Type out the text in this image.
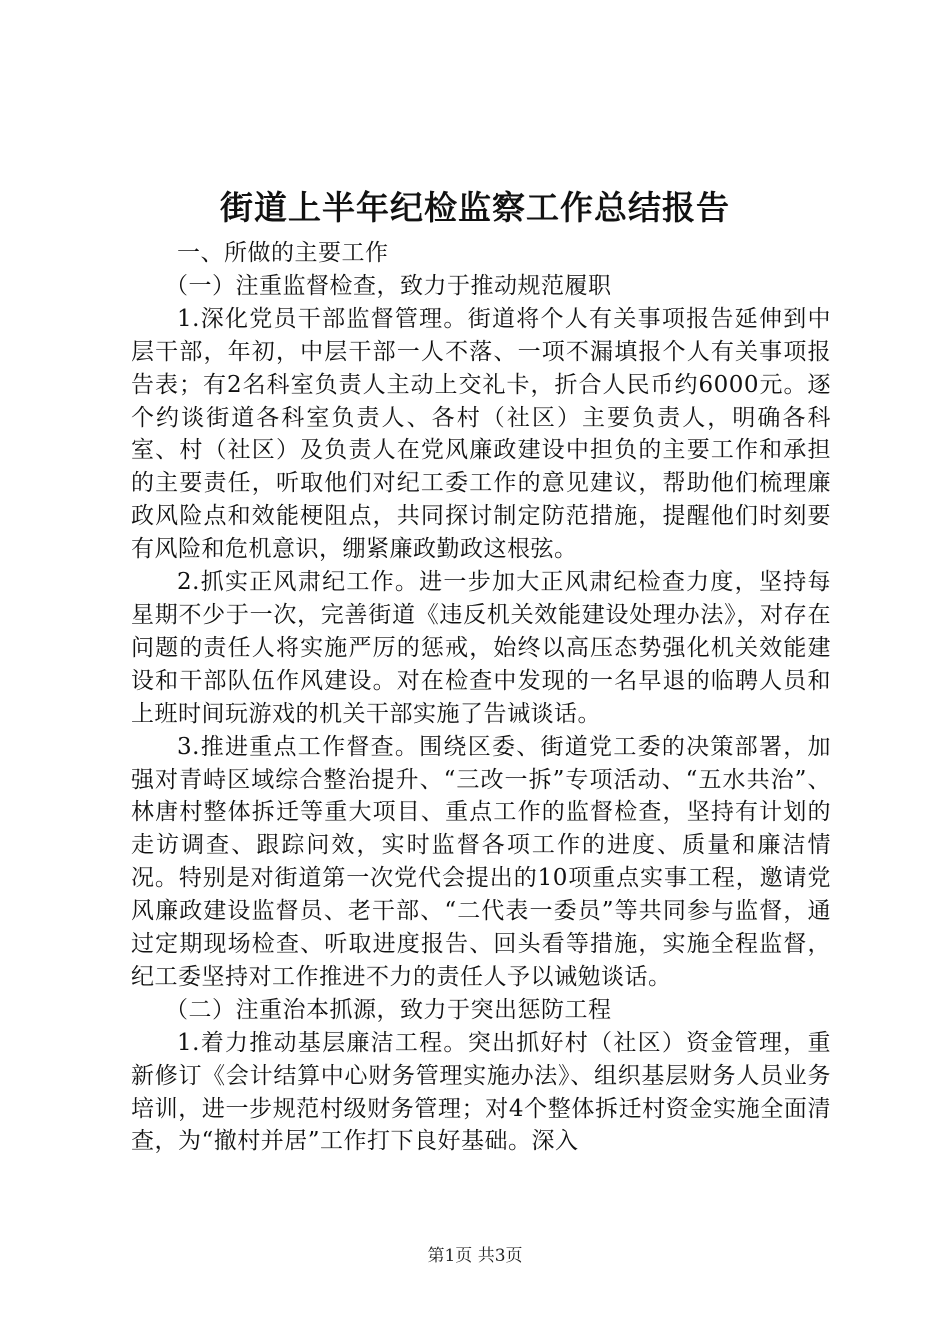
街道上半年纪检监察工作总结报告
一、所做的主要工作
（一）注重监督检查，致力于推动规范履职
1.深化党员干部监督管理。街道将个人有关事项报告延伸到中层干部，年初，中层干部一人不落、一项不漏填报个人有关事项报告表；有2名科室负责人主动上交礼卡，折合人民币约6000元。逐个约谈街道各科室负责人、各村（社区）主要负责人，明确各科室、村（社区）及负责人在党风廉政建设中担负的主要工作和承担的主要责任，听取他们对纪工委工作的意见建议，帮助他们梳理廉政风险点和效能梗阻点，共同探讨制定防范措施，提醒他们时刻要有风险和危机意识，绷紧廉政勤政这根弦。
2.抓实正风肃纪工作。进一步加大正风肃纪检查力度，坚持每星期不少于一次，完善街道《违反机关效能建设处理办法》，对存在问题的责任人将实施严厉的惩戒，始终以高压态势强化机关效能建设和干部队伍作风建设。对在检查中发现的一名早退的临聘人员和上班时间玩游戏的机关干部实施了告诫谈话。
3.推进重点工作督查。围绕区委、街道党工委的决策部署，加强对青峙区域综合整治提升、“三改一拆”专项活动、“五水共治”、林唐村整体拆迁等重大项目、重点工作的监督检查，坚持有计划的走访调查、跟踪问效，实时监督各项工作的进度、质量和廉洁情况。特别是对街道第一次党代会提出的10项重点实事工程，邀请党风廉政建设监督员、老干部、“二代表一委员”等共同参与监督，通过定期现场检查、听取进度报告、回头看等措施，实施全程监督，纪工委坚持对工作推进不力的责任人予以诫勉谈话。
（二）注重治本抓源，致力于突出惩防工程
1.着力推动基层廉洁工程。突出抓好村（社区）资金管理，重新修订《会计结算中心财务管理实施办法》、组织基层财务人员业务培训，进一步规范村级财务管理；对4个整体拆迁村资金实施全面清查，为“撤村并居”工作打下良好基础。深入
第1页 共3页
